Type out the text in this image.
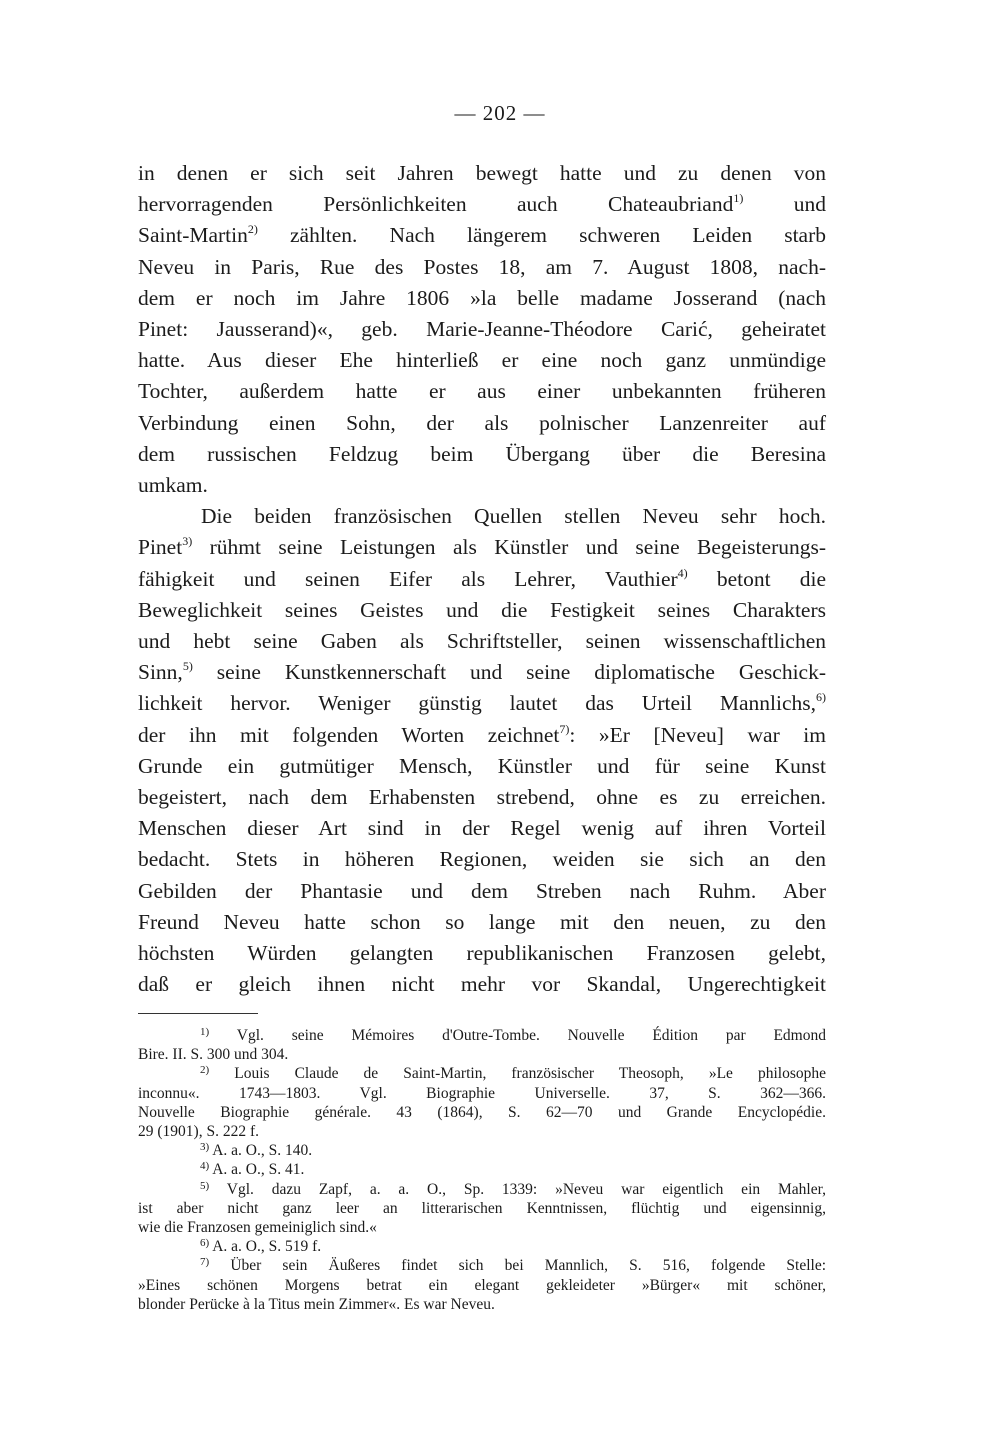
— 202 —
in denen er sich seit Jahren bewegt hatte und zu denen von
hervorragenden Persönlichkeiten auch Chateaubriand$^{1)}$ und
Saint-Martin$^{2)}$ zählten. Nach längerem schweren Leiden starb
Neveu in Paris, Rue des Postes 18, am 7. August 1808, nach-
dem er noch im Jahre 1806 »la belle madame Josserand (nach
Pinet: Jausserand)«, geb. Marie-Jeanne-Théodore Carić, geheiratet
hatte. Aus dieser Ehe hinterließ er eine noch ganz unmündige
Tochter, außerdem hatte er aus einer unbekannten früheren
Verbindung einen Sohn, der als polnischer Lanzenreiter auf
dem russischen Feldzug beim Übergang über die Beresina
umkam.
Die beiden französischen Quellen stellen Neveu sehr hoch.
Pinet$^{3)}$ rühmt seine Leistungen als Künstler und seine Begeisterungs-
fähigkeit und seinen Eifer als Lehrer, Vauthier$^{4)}$ betont die
Beweglichkeit seines Geistes und die Festigkeit seines Charakters
und hebt seine Gaben als Schriftsteller, seinen wissenschaftlichen
Sinn,$^{5)}$ seine Kunstkennerschaft und seine diplomatische Geschick-
lichkeit hervor. Weniger günstig lautet das Urteil Mannlichs,$^{6)}$
der ihn mit folgenden Worten zeichnet$^{7)}$: »Er [Neveu] war im
Grunde ein gutmütiger Mensch, Künstler und für seine Kunst
begeistert, nach dem Erhabensten strebend, ohne es zu erreichen.
Menschen dieser Art sind in der Regel wenig auf ihren Vorteil
bedacht. Stets in höheren Regionen, weiden sie sich an den
Gebilden der Phantasie und dem Streben nach Ruhm. Aber
Freund Neveu hatte schon so lange mit den neuen, zu den
höchsten Würden gelangten republikanischen Franzosen gelebt,
daß er gleich ihnen nicht mehr vor Skandal, Ungerechtigkeit
$^{1)}$ Vgl. seine Mémoires d'Outre-Tombe. Nouvelle Édition par Edmond
Bire. II. S. 300 und 304.
$^{2)}$ Louis Claude de Saint-Martin, französischer Theosoph, »Le philosophe
inconnu«. 1743—1803. Vgl. Biographie Universelle. 37, S. 362—366.
Nouvelle Biographie générale. 43 (1864), S. 62—70 und Grande Encyclopédie.
29 (1901), S. 222 f.
$^{3)}$ A. a. O., S. 140.
$^{4)}$ A. a. O., S. 41.
$^{5)}$ Vgl. dazu Zapf, a. a. O., Sp. 1339: »Neveu war eigentlich ein Mahler,
ist aber nicht ganz leer an litterarischen Kenntnissen, flüchtig und eigensinnig,
wie die Franzosen gemeiniglich sind.«
$^{6)}$ A. a. O., S. 519 f.
$^{7)}$ Über sein Äußeres findet sich bei Mannlich, S. 516, folgende Stelle:
»Eines schönen Morgens betrat ein elegant gekleideter »Bürger« mit schöner,
blonder Perücke à la Titus mein Zimmer«. Es war Neveu.
